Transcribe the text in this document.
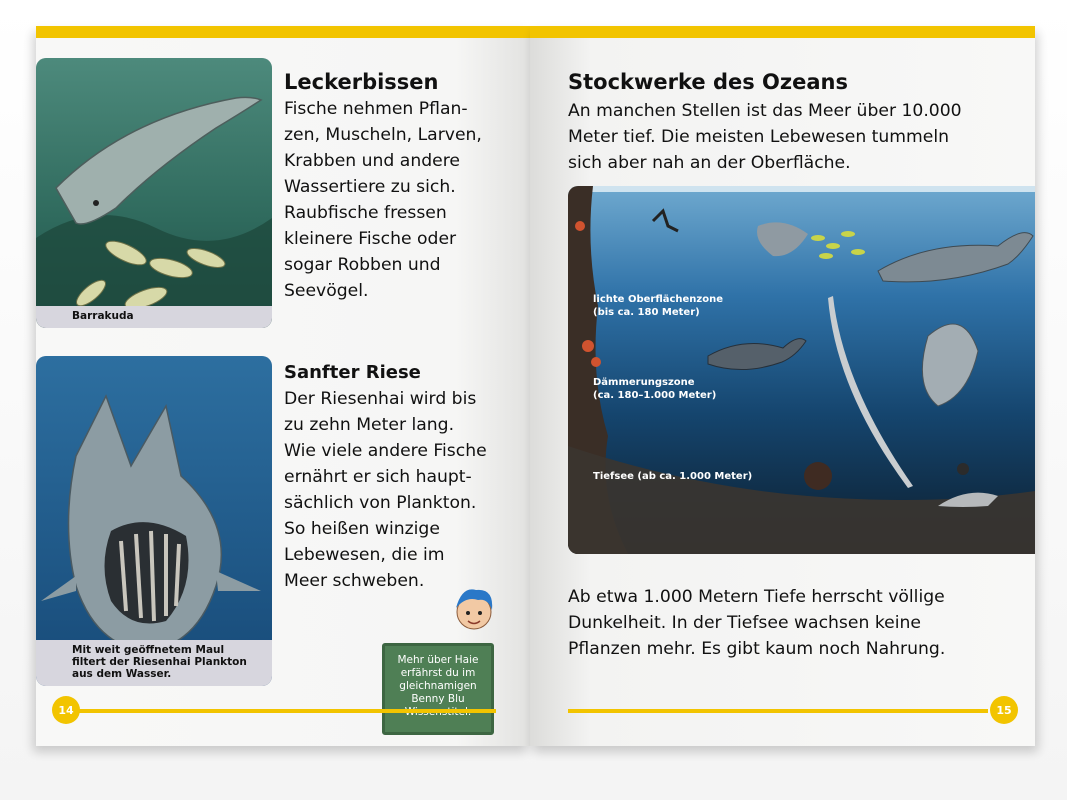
Barrakuda
Leckerbissen
Fische nehmen Pflan-
zen, Muscheln, Larven,
Krabben und andere
Wassertiere zu sich.
Raubfische fressen
kleinere Fische oder
sogar Robben und
Seevögel.
Mit weit geöffnetem Maul
filtert der Riesenhai Plankton
aus dem Wasser.
Sanfter Riese
Der Riesenhai wird bis
zu zehn Meter lang.
Wie viele andere Fische
ernährt er sich haupt-
sächlich von Plankton.
So heißen winzige
Lebewesen, die im
Meer schweben.
Mehr über Haie
erfährst du im
gleichnamigen
Benny Blu
14
Stockwerke des Ozeans
An manchen Stellen ist das Meer über 10.000
Meter tief. Die meisten Lebewesen tummeln
sich aber nah an der Oberfläche.
lichte Oberflächenzone
(bis ca. 180 Meter)
Dämmerungszone
(ca. 180–1.000 Meter)
Tiefsee (ab ca. 1.000 Meter)
Ab etwa 1.000 Metern Tiefe herrscht völlige
Dunkelheit. In der Tiefsee wachsen keine
Pflanzen mehr. Es gibt kaum noch Nahrung.
15
